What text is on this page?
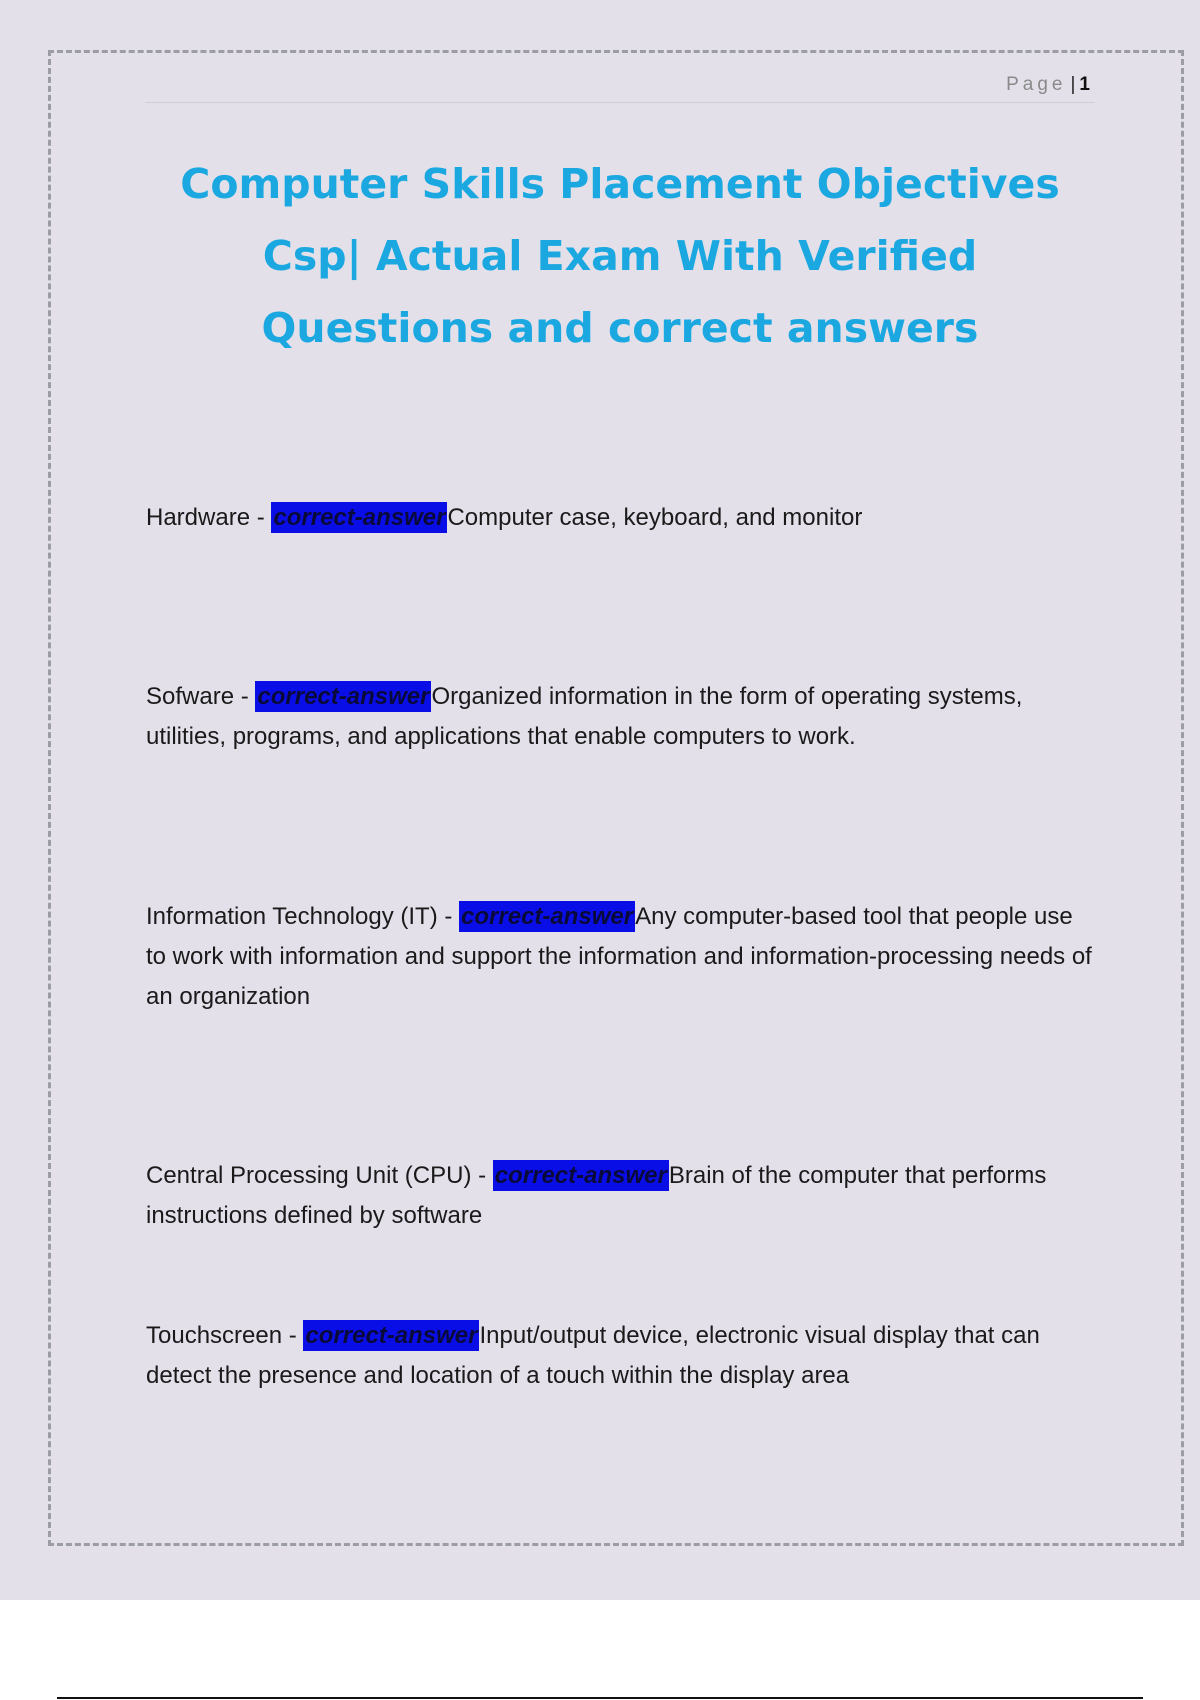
Page | 1
Computer Skills Placement Objectives
Csp| Actual Exam With Verified
Questions and correct answers
Hardware - correct-answerComputer case, keyboard, and monitor
Sofware - correct-answerOrganized information in the form of operating systems, utilities, programs, and applications that enable computers to work.
Information Technology (IT) - correct-answerAny computer-based tool that people use to work with information and support the information and information-processing needs of an organization
Central Processing Unit (CPU) - correct-answerBrain of the computer that performs instructions defined by software
Touchscreen - correct-answerInput/output device, electronic visual display that can detect the presence and location of a touch within the display area
